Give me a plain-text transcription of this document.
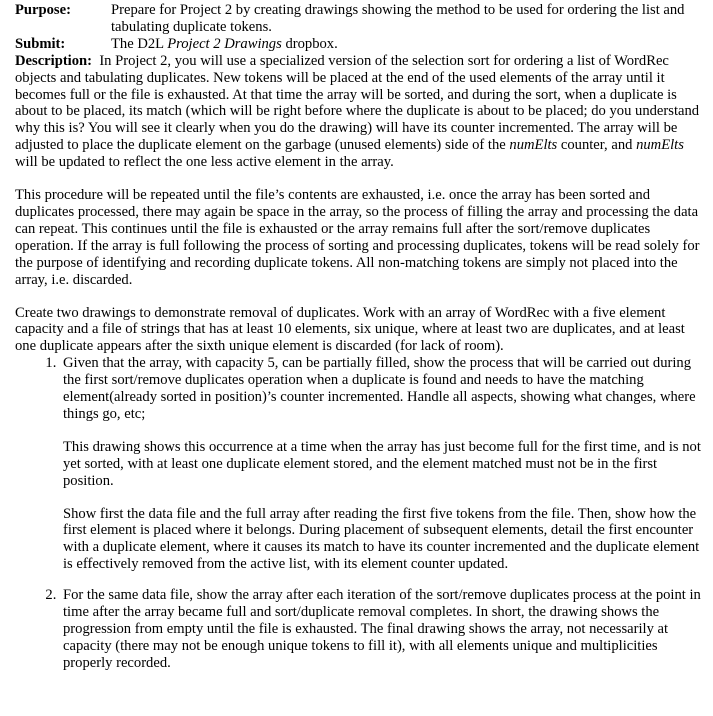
Purpose:	Prepare for Project 2 by creating drawings showing the method to be used for ordering the list and tabulating duplicate tokens.
Submit:	The D2L Project 2 Drawings dropbox.
Description: In Project 2, you will use a specialized version of the selection sort for ordering a list of WordRec objects and tabulating duplicates. New tokens will be placed at the end of the used elements of the array until it becomes full or the file is exhausted. At that time the array will be sorted, and during the sort, when a duplicate is about to be placed, its match (which will be right before where the duplicate is about to be placed; do you understand why this is? You will see it clearly when you do the drawing) will have its counter incremented. The array will be adjusted to place the duplicate element on the garbage (unused elements) side of the numElts counter, and numElts will be updated to reflect the one less active element in the array.
This procedure will be repeated until the file’s contents are exhausted, i.e. once the array has been sorted and duplicates processed, there may again be space in the array, so the process of filling the array and processing the data can repeat. This continues until the file is exhausted or the array remains full after the sort/remove duplicates operation. If the array is full following the process of sorting and processing duplicates, tokens will be read solely for the purpose of identifying and recording duplicate tokens. All non-matching tokens are simply not placed into the array, i.e. discarded.
Create two drawings to demonstrate removal of duplicates. Work with an array of WordRec with a five element capacity and a file of strings that has at least 10 elements, six unique, where at least two are duplicates, and at least one duplicate appears after the sixth unique element is discarded (for lack of room).
1. Given that the array, with capacity 5, can be partially filled, show the process that will be carried out during the first sort/remove duplicates operation when a duplicate is found and needs to have the matching element(already sorted in position)’s counter incremented. Handle all aspects, showing what changes, where things go, etc;
This drawing shows this occurrence at a time when the array has just become full for the first time, and is not yet sorted, with at least one duplicate element stored, and the element matched must not be in the first position.
Show first the data file and the full array after reading the first five tokens from the file. Then, show how the first element is placed where it belongs. During placement of subsequent elements, detail the first encounter with a duplicate element, where it causes its match to have its counter incremented and the duplicate element is effectively removed from the active list, with its element counter updated.
2. For the same data file, show the array after each iteration of the sort/remove duplicates process at the point in time after the array became full and sort/duplicate removal completes. In short, the drawing shows the progression from empty until the file is exhausted. The final drawing shows the array, not necessarily at capacity (there may not be enough unique tokens to fill it), with all elements unique and multiplicities properly recorded.
